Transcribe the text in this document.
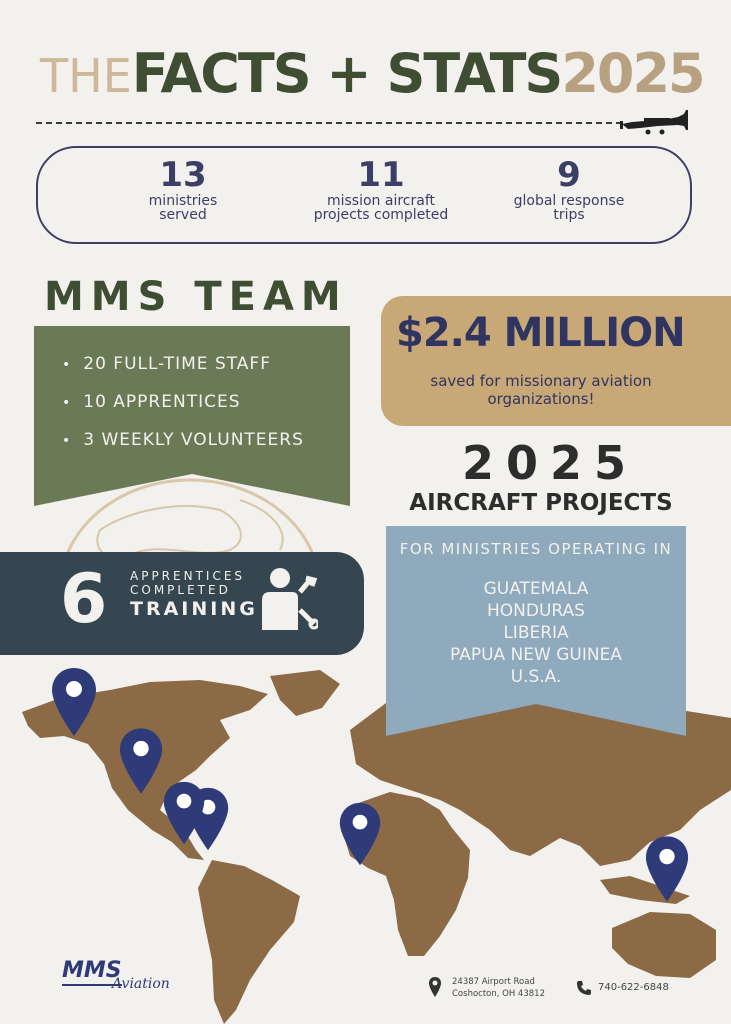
THEFACTS + STATS2025
13
ministries
served
11
mission aircraft
projects completed
9
global response
trips
MMS TEAM
• 20 FULL-TIME STAFF
• 10 APPRENTICES
• 3 WEEKLY VOLUNTEERS
$2.4 MILLION
saved for missionary aviation
organizations!
2025
AIRCRAFT PROJECTS
FOR MINISTRIES OPERATING IN
GUATEMALA
HONDURAS
LIBERIA
PAPUA NEW GUINEA
U.S.A.
6 APPRENTICES
COMPLETED
TRAINING
MMS
Aviation	24387 Airport Road
Coshocton, OH 43812
740-622-6848
